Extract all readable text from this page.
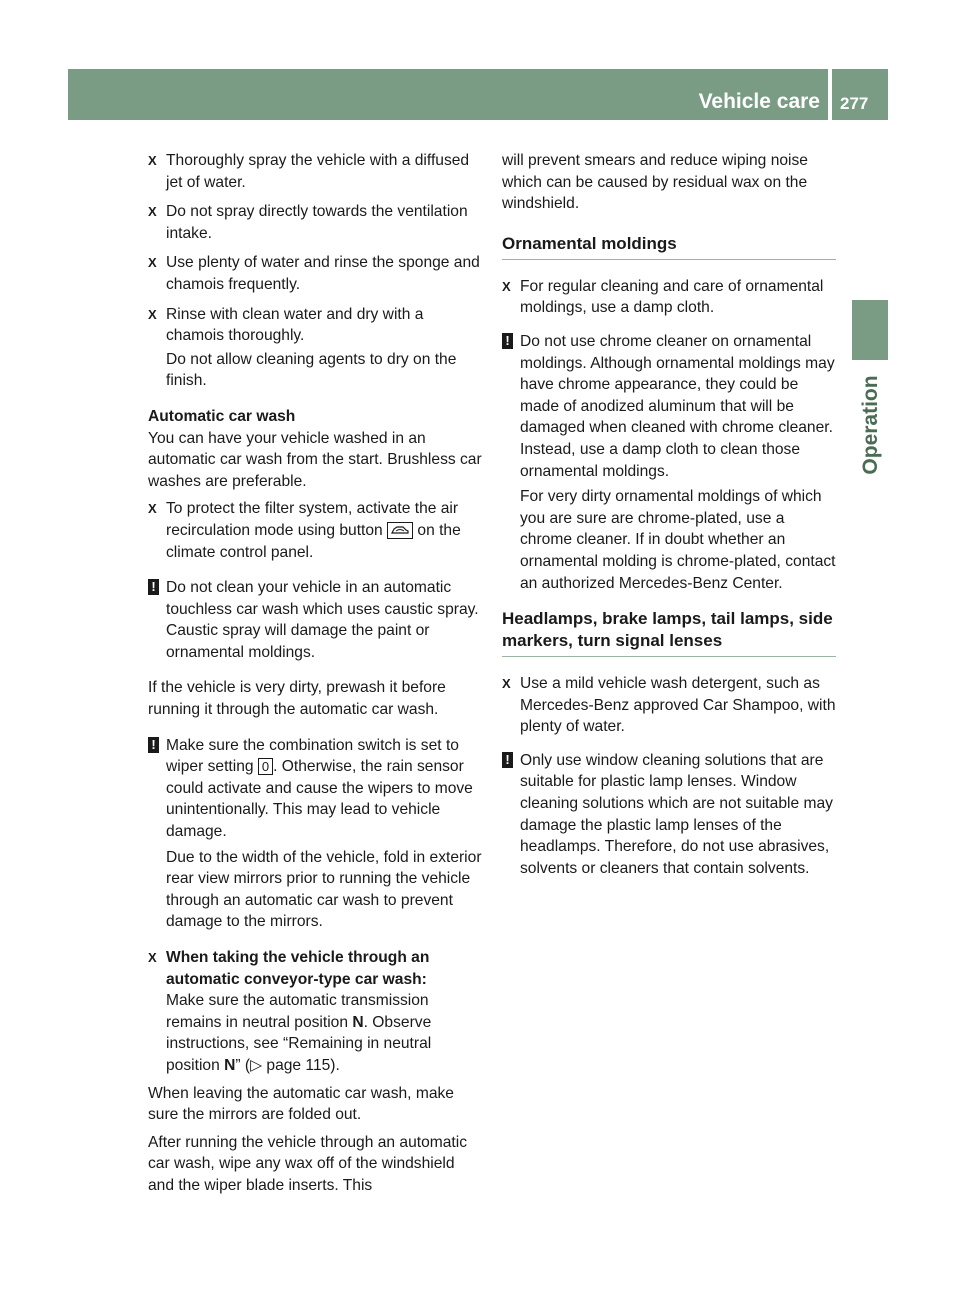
Vehicle care 277
Operation
X Thoroughly spray the vehicle with a diffused jet of water.
X Do not spray directly towards the ventilation intake.
X Use plenty of water and rinse the sponge and chamois frequently.
X Rinse with clean water and dry with a chamois thoroughly.
Do not allow cleaning agents to dry on the finish.

Automatic car wash

You can have your vehicle washed in an automatic car wash from the start. Brushless car washes are preferable.

X To protect the filter system, activate the air recirculation mode using button on the climate control panel.
! Do not clean your vehicle in an automatic touchless car wash which uses caustic spray. Caustic spray will damage the paint or ornamental moldings.

If the vehicle is very dirty, prewash it before running it through the automatic car wash.

! Make sure the combination switch is set to wiper setting 0 . Otherwise, the rain sensor could activate and cause the wipers to move unintentionally. This may lead to vehicle damage.
Due to the width of the vehicle, fold in exterior rear view mirrors prior to running the vehicle through an automatic car wash to prevent damage to the mirrors.
X When taking the vehicle through an automatic conveyor-type car wash:
Make sure the automatic transmission remains in neutral position N. Observe instructions, see “Remaining in neutral position N” (▷ page 115).

When leaving the automatic car wash, make sure the mirrors are folded out.

After running the vehicle through an automatic car wash, wipe any wax off of the windshield and the wiper blade inserts. This

will prevent smears and reduce wiping noise which can be caused by residual wax on the windshield.

Ornamental moldings
X For regular cleaning and care of ornamental moldings, use a damp cloth.
! Do not use chrome cleaner on ornamental moldings. Although ornamental moldings may have chrome appearance, they could be made of anodized aluminum that will be damaged when cleaned with chrome cleaner. Instead, use a damp cloth to clean those ornamental moldings.
For very dirty ornamental moldings of which you are sure are chrome-plated, use a chrome cleaner. If in doubt whether an ornamental molding is chrome-plated, contact an authorized Mercedes-Benz Center.
Headlamps, brake lamps, tail lamps, side markers, turn signal lenses
X Use a mild vehicle wash detergent, such as Mercedes-Benz approved Car Shampoo, with plenty of water.
! Only use window cleaning solutions that are suitable for plastic lamp lenses. Window cleaning solutions which are not suitable may damage the plastic lamp lenses of the headlamps. Therefore, do not use abrasives, solvents or cleaners that contain solvents.
